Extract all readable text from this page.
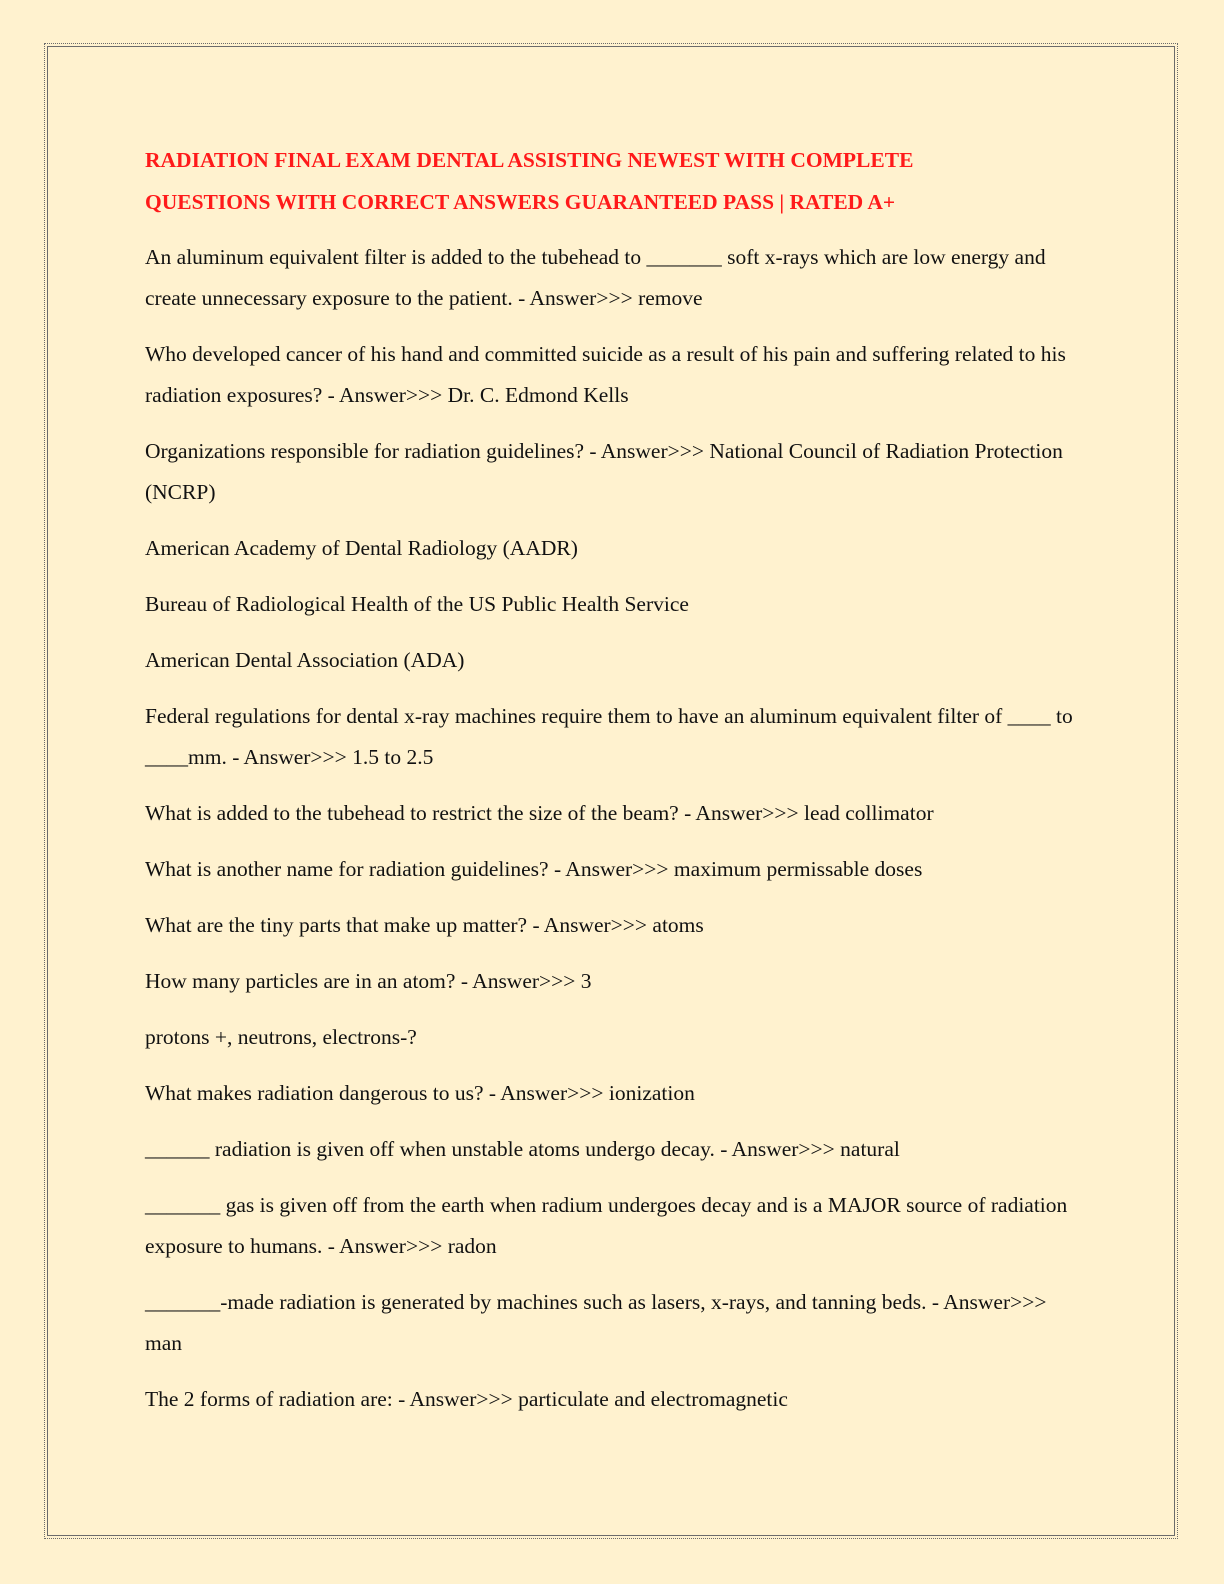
RADIATION FINAL EXAM DENTAL ASSISTING NEWEST WITH COMPLETE
QUESTIONS WITH CORRECT ANSWERS GUARANTEED PASS | RATED A+

An aluminum equivalent filter is added to the tubehead to _______ soft x-rays which are low energy and create unnecessary exposure to the patient. - Answer>>> remove

Who developed cancer of his hand and committed suicide as a result of his pain and suffering related to his radiation exposures? - Answer>>> Dr. C. Edmond Kells

Organizations responsible for radiation guidelines? - Answer>>> National Council of Radiation Protection (NCRP)

American Academy of Dental Radiology (AADR)

Bureau of Radiological Health of the US Public Health Service

American Dental Association (ADA)

Federal regulations for dental x-ray machines require them to have an aluminum equivalent filter of ____ to ____mm. - Answer>>> 1.5 to 2.5

What is added to the tubehead to restrict the size of the beam? - Answer>>> lead collimator

What is another name for radiation guidelines? - Answer>>> maximum permissable doses

What are the tiny parts that make up matter? - Answer>>> atoms

How many particles are in an atom? - Answer>>> 3

protons +, neutrons, electrons-?

What makes radiation dangerous to us? - Answer>>> ionization

______ radiation is given off when unstable atoms undergo decay. - Answer>>> natural

_______ gas is given off from the earth when radium undergoes decay and is a MAJOR source of radiation exposure to humans. - Answer>>> radon

_______-made radiation is generated by machines such as lasers, x-rays, and tanning beds. - Answer>>> man

The 2 forms of radiation are: - Answer>>> particulate and electromagnetic
